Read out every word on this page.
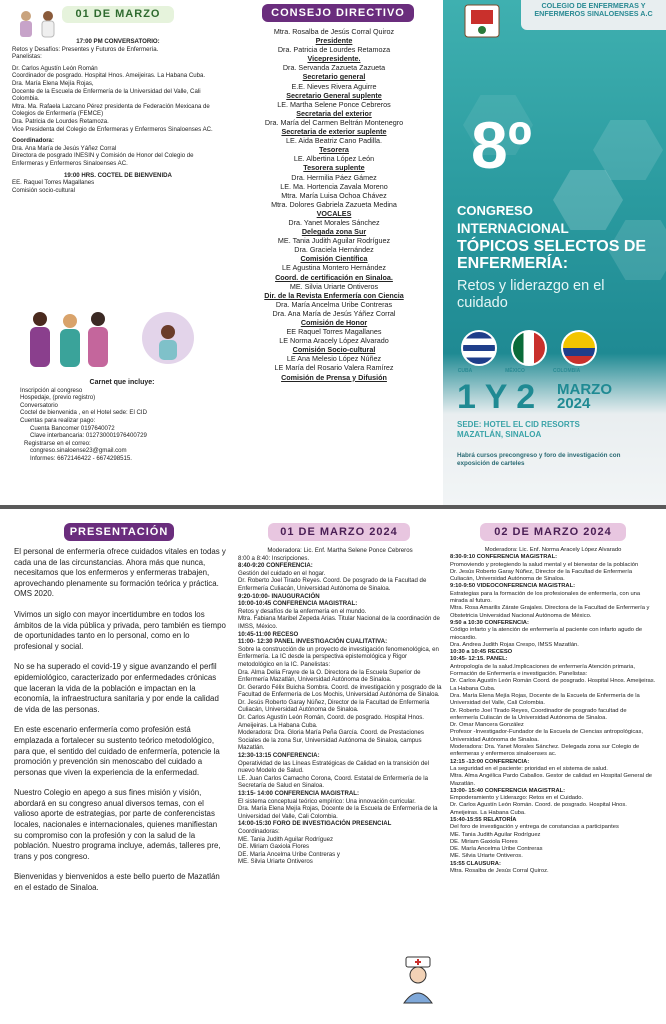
01 DE MARZO
17:00 PM CONVERSATORIO:
Retos y Desafíos: Presentes y Futuros de Enfermería.
Panelistas:
Dr. Carlos Agustín León Román
Coordinador de posgrado. Hospital Hnos. Ameijeiras. La Habana Cuba.
Dra. María Elena Mejía Rojas,
Docente de la Escuela de Enfermería de la Universidad del Valle, Cali Colombia.
Mtra. Ma. Rafaela Lazcano Pérez presidenta de Federación Mexicana de Colegios de Enfermería (FEMCE)
Dra. Patricia de Lourdes Retamoza.
Vice Presidenta del Colegio de Enfermeras y Enfermeros Sinaloenses AC.
Coordinadora:
Dra. Ana María de Jesús Yáñez Corral
Directora de posgrado INESIN y Comisión de Honor del Colegio de Enfermeras y Enfermeros Sinaloenses AC.
19:00 HRS. COCTEL DE BIENVENIDA
EE. Raquel Torres Magallanes
Comisión socio-cultural
Carnet que incluye:
Inscripción al congreso
Hospedaje, (previo registro)
Conversatorio
Coctel de bienvenida , en el Hotel sede: El CID
Cuentas para realizar pago:
Cuenta Bancomer 0197640072
Clave interbancaria: 012730001976400729
Registrarse en el correo:
congreso.sinaloense23@gmail.com
Informes: 6672146422 - 6674298515.
CONSEJO DIRECTIVO
Mtra. Rosalba de Jesús Corral Quiroz
Presidente
Dra. Patricia de Lourdes Retamoza
Vicepresidente.
Dra. Servanda Zazueta Zazueta
Secretario general
E.E. Nieves Rivera Aguirre
Secretario General suplente
LE. Martha Selene Ponce Cebreros
Secretaria del exterior
Dra. María del Carmen Beltrán Montenegro
Secretaria de exterior suplente
LE. Aida Beatriz Cano Padilla.
Tesorera
LE. Albertina López León
Tesorera suplente
Dra. Hermilia Páez Gámez
LE. Ma. Hortencia Zavala Moreno
Mtra. María Luisa Ochoa Chávez
Mtra. Dolores Gabriela Zazueta Medina
VOCALES
Dra. Yanet Morales Sánchez
Delegada zona Sur
ME. Tania Judith Aguilar Rodríguez
Dra. Graciela Hernández
Comisión Científica
LE Agustina Montero Hernández
Coord. de certificación en Sinaloa.
ME. Silvia Uriarte Ontiveros
Dir. de la Revista Enfermería con Ciencia
Dra. María Ancelma Uribe Contreras
Dra. Ana María de Jesús Yáñez Corral
Comisión de Honor
EE Raquel Torres Magallanes
LE Norma Aracely López Alvarado
Comisión Socio-cultural
LE Ana Melesio López Núñez
LE María del Rosario Valera Ramírez
Comisión de Prensa y Difusión
COLEGIO DE ENFERMERAS Y ENFERMEROS SINALOENSES A.C
8º
CONGRESO
INTERNACIONAL
TÓPICOS SELECTOS DE ENFERMERÍA:
Retos y liderazgo en el cuidado
CUBA	MÉXICO	COLOMBIA
1 Y 2 MARZO
2024
SEDE: HOTEL EL CID RESORTS MAZATLÁN, SINALOA
Habrá cursos precongreso y foro de investigación con exposición de carteles
PRESENTACIÓN

El personal de enfermería ofrece cuidados vitales en todas y cada una de las circunstancias. Ahora más que nunca, necesitamos que los enfermeros y enfermeras trabajen, aprovechando plenamente su formación teórica y práctica. OMS 2020.

Vivimos un siglo con mayor incertidumbre en todos los ámbitos de la vida pública y privada, pero también es tiempo de oportunidades tanto en lo personal, como en lo profesional y social.

No se ha superado el covid-19 y sigue avanzando el perfil epidemiológico, caracterizado por enfermedades crónicas que laceran la vida de la población e impactan en la economía, la infraestructura sanitaria y por ende la calidad de vida de las personas.

En este escenario enfermería como profesión está emplazada a fortalecer su sustento teórico metodológico, para que, el sentido del cuidado de enfermería, potencie la promoción y prevención sin menoscabo del cuidado a personas que viven la experiencia de la enfermedad.

Nuestro Colegio en apego a sus fines misión y visión, abordará en su congreso anual diversos temas, con el valioso aporte de estrategias, por parte de conferencistas locales, nacionales e internacionales, quienes manifiestan su compromiso con la profesión y con la salud de la población. Nuestro programa incluye, además, talleres pre, trans y pos congreso.

Bienvenidas y bienvenidos a este bello puerto de Mazatlán en el estado de Sinaloa.

01 DE MARZO 2024
Moderadora: Lic. Enf. Martha Selene Ponce Cebreros
8:00 a 8:40: Inscripciones.
8:40-9:20 CONFERENCIA:
Gestión del cuidado en el hogar.
Dr. Roberto Joel Tirado Reyes. Coord. De posgrado de la Facultad de Enfermería Culiacán, Universidad Autónoma de Sinaloa.
9:20-10:00- INAUGURACIÓN
10:00-10:45 CONFERENCIA MAGISTRAL:
Retos y desafíos de la enfermería en el mundo.
Mtra. Fabiana Maribel Zepeda Arias. Titular Nacional de la coordinación de IMSS, México.
10:45-11:00 RECESO
11:00- 12:30 PANEL INVESTIGACIÓN CUALITATIVA:
Sobre la construcción de un proyecto de investigación fenomenológica, en Enfermería. La IC desde la perspectiva epistemológica y Rigor metodológico en la IC. Panelistas:
Dra. Alma Delia Frayre de la O. Directora de la Escuela Superior de Enfermería Mazatlán, Universidad Autónoma de Sinaloa.
Dr. Gerardo Félix Buicha Sombra. Coord. de investigación y posgrado de la Facultad de Enfermería de Los Mochis, Universidad Autónoma de Sinaloa.
Dr. Jesús Roberto Garay Núñez, Director de la Facultad de Enfermería Culiacán, Universidad Autónoma de Sinaloa.
Dr. Carlos Agustín León Román, Coord. de posgrado. Hospital Hnos. Ameijeiras. La Habana Cuba.
Moderadora: Dra. Gloria María Peña García. Coord. de Prestaciones Sociales de la zona Sur, Universidad Autónoma de Sinaloa, campus Mazatlán.
12:30-13:15 CONFERENCIA:
Operatividad de las Líneas Estratégicas de Calidad en la transición del nuevo Modelo de Salud.
LE. Juan Carlos Camacho Corona, Coord. Estatal de Enfermería de la Secretaría de Salud en Sinaloa.
13:15- 14:00 CONFERENCIA MAGISTRAL:
El sistema conceptual teórico empírico: Una innovación curricular.
Dra. María Elena Mejía Rojas, Docente de la Escuela de Enfermería de la Universidad del Valle, Cali Colombia.
14:00-15:30 FORO DE INVESTIGACIÓN PRESENCIAL
Coordinadoras:
ME. Tania Judith Aguilar Rodríguez
DE. Miriam Gaxiola Flores
DE. María Ancelma Uribe Contreras y
ME. Silvia Uriarte Ontiveros
02 DE MARZO 2024
Moderadora: Lic. Enf. Norma Aracely López Alvarado
8:30-9:10 CONFERENCIA MAGISTRAL:
Promoviendo y protegiendo la salud mental y el bienestar de la población
Dr. Jesús Roberto Garay Núñez, Director de la Facultad de Enfermería Culiacán, Universidad Autónoma de Sinaloa.
9:10-9:50 VIDEOCONFERENCIA MAGISTRAL:
Estrategias para la formación de los profesionales de enfermería, con una mirada al futuro.
Mtra. Rosa Amarilis Zárate Grajales. Directora de la Facultad de Enfermería y Obstetricia Universidad Nacional Autónoma de México.
9:50 a 10:30 CONFERENCIA:
Código infarto y la atención de enfermería al paciente con infarto agudo de miocardio.
Dra. Andrea Judith Rojas Crespo, IMSS Mazatlán.
10:30 a 10:45 RECESO
10:45- 12:15. PANEL:
Antropología de la salud.Implicaciones de enfermería Atención primaria, Formación de Enfermería e investigación. Panelistas:
Dr. Carlos Agustín León Román Coord. de posgrado. Hospital Hnos. Ameijeiras. La Habana Cuba.
Dra. María Elena Mejía Rojas, Docente de la Escuela de Enfermería de la Universidad del Valle, Cali Colombia.
Dr. Roberto Joel Tirado Reyes, Coordinador de posgrado facultad de enfermería Culiacán de la Universidad Autónoma de Sinaloa.
Dr. Omar Mancera González
Profesor -Investigador-Fundador de la Escuela de Ciencias antropológicas, Universidad Autónoma de Sinaloa.
Moderadora: Dra. Yanet Morales Sánchez. Delegada zona sur Colegio de enfermeras y enfermeros sinaloenses ac.
12:15 -13:00 CONFERENCIA:
La seguridad en el paciente: prioridad en el sistema de salud.
Mtra. Alma Angélica Pardo Caballos. Gestor de calidad en Hospital General de Mazatlán.
13:00- 15:40 CONFERENCIA MAGISTRAL:
Empoderamiento y Liderazgo: Retos en el Cuidado.
Dr. Carlos Agustín León Román. Coord. de posgrado. Hospital Hnos. Ameijeiras. La Habana Cuba.
15:40-15:55 RELATORÍA
Del foro de investigación y entrega de constancias a participantes
ME. Tania Judith Aguilar Rodríguez
DE. Miriam Gaxiola Flores
DE. María Ancelma Uribe Contreras
ME. Silvia Uriarte Ontiveros.
15:55 CLAUSURA:
Mtra. Rosalba de Jesús Corral Quiroz.
